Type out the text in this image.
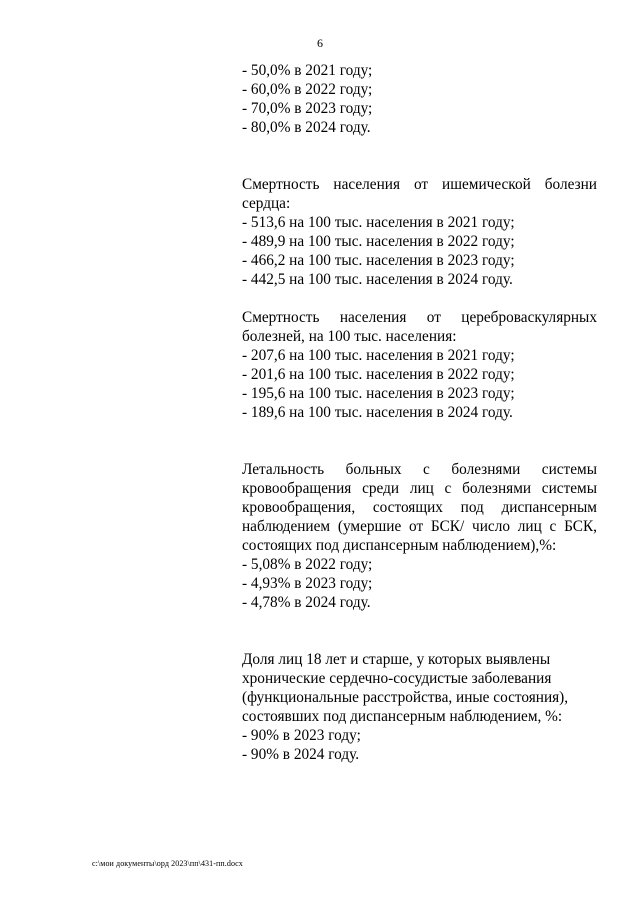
6
- 50,0% в 2021 году;
- 60,0% в 2022 году;
- 70,0% в 2023 году;
- 80,0% в 2024 году.
Смертность населения от ишемической болезни
сердца:
- 513,6 на 100 тыс. населения в 2021 году;
- 489,9 на 100 тыс. населения в 2022 году;
- 466,2 на 100 тыс. населения в 2023 году;
- 442,5 на 100 тыс. населения в 2024 году.
Смертность населения от цереброваскулярных
болезней, на 100 тыс. населения:
- 207,6 на 100 тыс. населения в 2021 году;
- 201,6 на 100 тыс. населения в 2022 году;
- 195,6 на 100 тыс. населения в 2023 году;
- 189,6 на 100 тыс. населения в 2024 году.
Летальность больных с болезнями системы
кровообращения среди лиц с болезнями системы
кровообращения, состоящих под диспансерным
наблюдением (умершие от БСК/ число лиц с БСК,
состоящих под диспансерным наблюдением),%:
- 5,08% в 2022 году;
- 4,93% в 2023 году;
- 4,78% в 2024 году.
Доля лиц 18 лет и старше, у которых выявлены
хронические сердечно-сосудистые заболевания
(функциональные расстройства, иные состояния),
состоявших под диспансерным наблюдением, %:
- 90% в 2023 году;
- 90% в 2024 году.
c:\мои документы\орд 2023\пп\431-пп.docx
